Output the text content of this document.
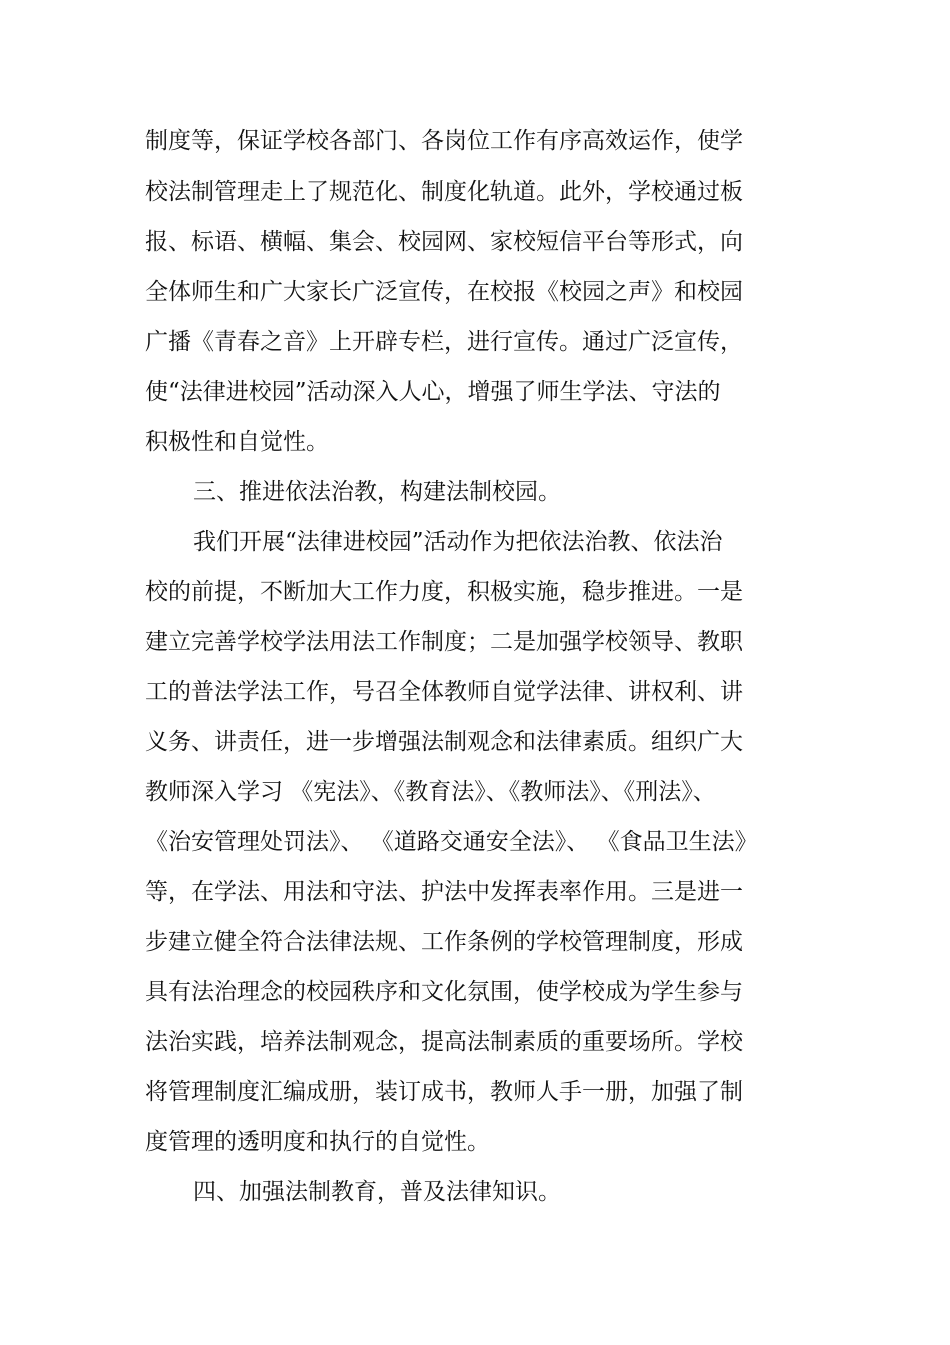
制度等，保证学校各部门、各岗位工作有序高效运作，使学
校法制管理走上了规范化、制度化轨道。此外，学校通过板
报、标语、横幅、集会、校园网、家校短信平台等形式，向
全体师生和广大家长广泛宣传，在校报《校园之声》和校园
广播《青春之音》上开辟专栏，进行宣传。通过广泛宣传，
使“法律进校园”活动深入人心，增强了师生学法、守法的
积极性和自觉性。
三、推进依法治教，构建法制校园。
我们开展“法律进校园”活动作为把依法治教、依法治
校的前提，不断加大工作力度，积极实施，稳步推进。一是
建立完善学校学法用法工作制度；二是加强学校领导、教职
工的普法学法工作，号召全体教师自觉学法律、讲权利、讲
义务、讲责任，进一步增强法制观念和法律素质。组织广大
教师深入学习 《宪法》、《教育法》、《教师法》、《刑法》、
《治安管理处罚法》、 《道路交通安全法》、 《食品卫生法》
等，在学法、用法和守法、护法中发挥表率作用。三是进一
步建立健全符合法律法规、工作条例的学校管理制度，形成
具有法治理念的校园秩序和文化氛围，使学校成为学生参与
法治实践，培养法制观念，提高法制素质的重要场所。学校
将管理制度汇编成册，装订成书，教师人手一册，加强了制
度管理的透明度和执行的自觉性。
四、加强法制教育，普及法律知识。
